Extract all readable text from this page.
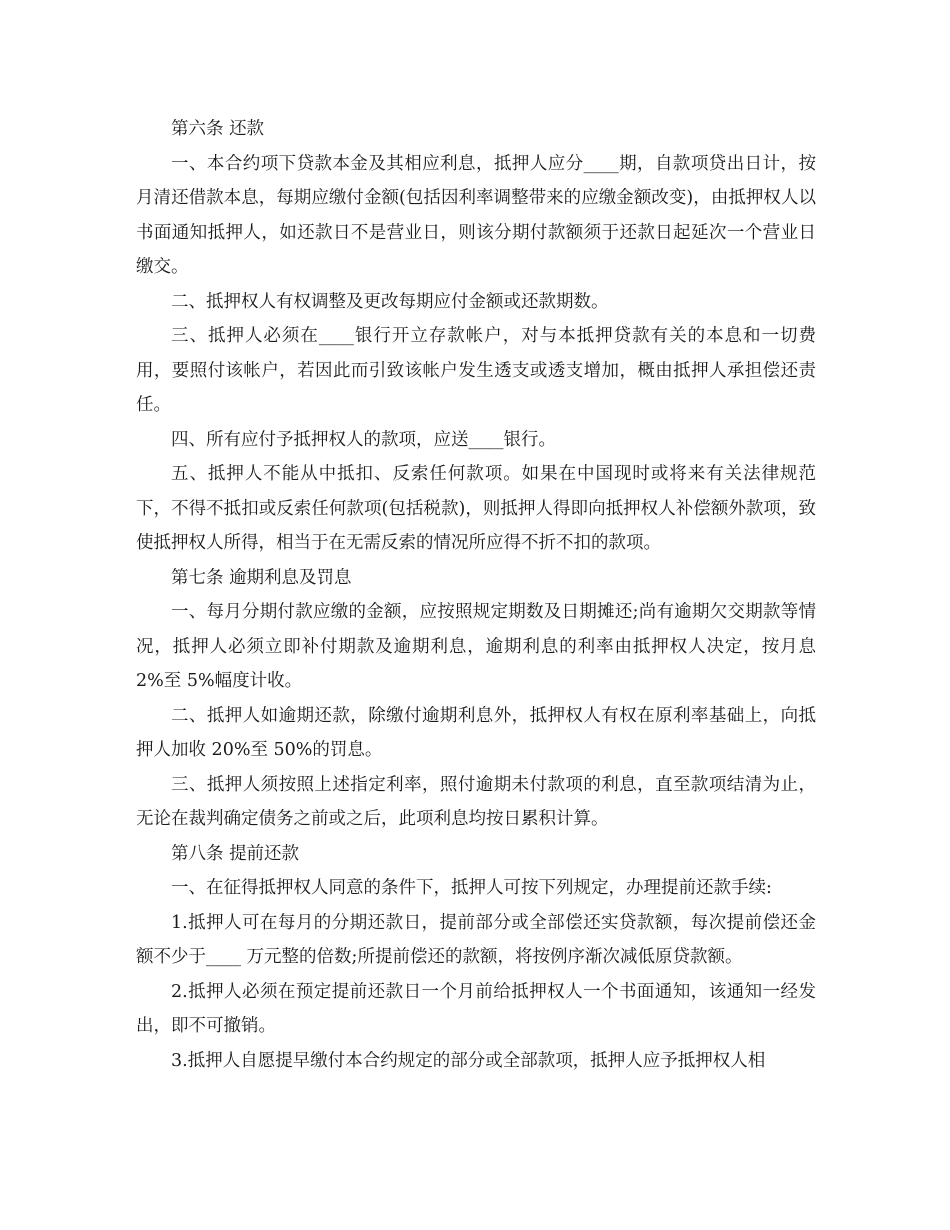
第六条 还款

一、本合约项下贷款本金及其相应利息，抵押人应分____期，自款项贷出日计，按月清还借款本息，每期应缴付金额(包括因利率调整带来的应缴金额改变)，由抵押权人以书面通知抵押人，如还款日不是营业日，则该分期付款额须于还款日起延次一个营业日缴交。

二、抵押权人有权调整及更改每期应付金额或还款期数。

三、抵押人必须在____银行开立存款帐户，对与本抵押贷款有关的本息和一切费用，要照付该帐户，若因此而引致该帐户发生透支或透支增加，概由抵押人承担偿还责任。

四、所有应付予抵押权人的款项，应送____银行。

五、抵押人不能从中抵扣、反索任何款项。如果在中国现时或将来有关法律规范下，不得不抵扣或反索任何款项(包括税款)，则抵押人得即向抵押权人补偿额外款项，致使抵押权人所得，相当于在无需反索的情况所应得不折不扣的款项。

第七条 逾期利息及罚息

一、每月分期付款应缴的金额，应按照规定期数及日期摊还;尚有逾期欠交期款等情况，抵押人必须立即补付期款及逾期利息，逾期利息的利率由抵押权人决定，按月息 2%至 5%幅度计收。

二、抵押人如逾期还款，除缴付逾期利息外，抵押权人有权在原利率基础上，向抵押人加收 20%至 50%的罚息。

三、抵押人须按照上述指定利率，照付逾期未付款项的利息，直至款项结清为止，无论在裁判确定债务之前或之后，此项利息均按日累积计算。

第八条 提前还款

一、在征得抵押权人同意的条件下，抵押人可按下列规定，办理提前还款手续:

1.抵押人可在每月的分期还款日，提前部分或全部偿还实贷款额，每次提前偿还金额不少于____ 万元整的倍数;所提前偿还的款额，将按例序渐次减低原贷款额。

2.抵押人必须在预定提前还款日一个月前给抵押权人一个书面通知，该通知一经发出，即不可撤销。

3.抵押人自愿提早缴付本合约规定的部分或全部款项，抵押人应予抵押权人相
